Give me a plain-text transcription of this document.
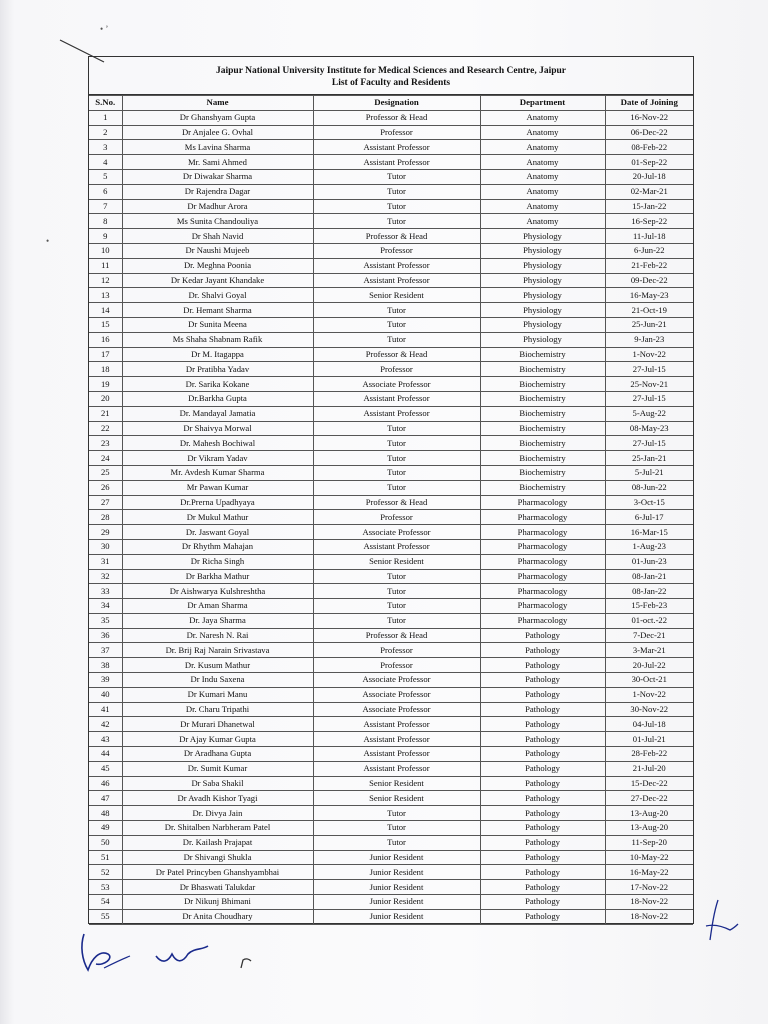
• ’
Jaipur National University Institute for Medical Sciences and Research Centre, Jaipur
List of Faculty and Residents
S.No.	Name	Designation	Department	Date of Joining
1	Dr Ghanshyam Gupta	Professor & Head	Anatomy	16-Nov-22
2	Dr Anjalee G. Ovhal	Professor	Anatomy	06-Dec-22
3	Ms Lavina Sharma	Assistant Professor	Anatomy	08-Feb-22
4	Mr. Sami Ahmed	Assistant Professor	Anatomy	01-Sep-22
5	Dr Diwakar Sharma	Tutor	Anatomy	20-Jul-18
6	Dr Rajendra Dagar	Tutor	Anatomy	02-Mar-21
7	Dr Madhur Arora	Tutor	Anatomy	15-Jan-22
8	Ms Sunita Chandouliya	Tutor	Anatomy	16-Sep-22
9	Dr Shah Navid	Professor & Head	Physiology	11-Jul-18
10	Dr Naushi Mujeeb	Professor	Physiology	6-Jun-22
11	Dr. Meghna Poonia	Assistant Professor	Physiology	21-Feb-22
12	Dr Kedar Jayant Khandake	Assistant Professor	Physiology	09-Dec-22
13	Dr. Shalvi Goyal	Senior Resident	Physiology	16-May-23
14	Dr. Hemant Sharma	Tutor	Physiology	21-Oct-19
15	Dr Sunita Meena	Tutor	Physiology	25-Jun-21
16	Ms Shaha Shabnam Rafik	Tutor	Physiology	9-Jan-23
17	Dr M. Itagappa	Professor & Head	Biochemistry	1-Nov-22
18	Dr Pratibha Yadav	Professor	Biochemistry	27-Jul-15
19	Dr. Sarika Kokane	Associate Professor	Biochemistry	25-Nov-21
20	Dr.Barkha Gupta	Assistant Professor	Biochemistry	27-Jul-15
21	Dr. Mandayal Jamatia	Assistant Professor	Biochemistry	5-Aug-22
22	Dr Shaivya Morwal	Tutor	Biochemistry	08-May-23
23	Dr. Mahesh Bochiwal	Tutor	Biochemistry	27-Jul-15
24	Dr Vikram Yadav	Tutor	Biochemistry	25-Jan-21
25	Mr. Avdesh Kumar Sharma	Tutor	Biochemistry	5-Jul-21
26	Mr Pawan Kumar	Tutor	Biochemistry	08-Jun-22
27	Dr.Prerna Upadhyaya	Professor & Head	Pharmacology	3-Oct-15
28	Dr Mukul Mathur	Professor	Pharmacology	6-Jul-17
29	Dr. Jaswant Goyal	Associate Professor	Pharmacology	16-Mar-15
30	Dr Rhythm Mahajan	Assistant Professor	Pharmacology	1-Aug-23
31	Dr Richa Singh	Senior Resident	Pharmacology	01-Jun-23
32	Dr Barkha Mathur	Tutor	Pharmacology	08-Jan-21
33	Dr Aishwarya Kulshreshtha	Tutor	Pharmacology	08-Jan-22
34	Dr Aman Sharma	Tutor	Pharmacology	15-Feb-23
35	Dr. Jaya Sharma	Tutor	Pharmacology	01-oct.-22
36	Dr. Naresh N. Rai	Professor & Head	Pathology	7-Dec-21
37	Dr. Brij Raj Narain Srivastava	Professor	Pathology	3-Mar-21
38	Dr. Kusum Mathur	Professor	Pathology	20-Jul-22
39	Dr Indu Saxena	Associate Professor	Pathology	30-Oct-21
40	Dr Kumari Manu	Associate Professor	Pathology	1-Nov-22
41	Dr. Charu Tripathi	Associate Professor	Pathology	30-Nov-22
42	Dr Murari Dhanetwal	Assistant Professor	Pathology	04-Jul-18
43	Dr Ajay Kumar Gupta	Assistant Professor	Pathology	01-Jul-21
44	Dr Aradhana Gupta	Assistant Professor	Pathology	28-Feb-22
45	Dr. Sumit Kumar	Assistant Professor	Pathology	21-Jul-20
46	Dr Saba Shakil	Senior Resident	Pathology	15-Dec-22
47	Dr Avadh Kishor Tyagi	Senior Resident	Pathology	27-Dec-22
48	Dr. Divya Jain	Tutor	Pathology	13-Aug-20
49	Dr. Shitalben Narbheram Patel	Tutor	Pathology	13-Aug-20
50	Dr. Kailash Prajapat	Tutor	Pathology	11-Sep-20
51	Dr Shivangi Shukla	Junior Resident	Pathology	10-May-22
52	Dr Patel Princyben Ghanshyambhai	Junior Resident	Pathology	16-May-22
53	Dr Bhaswati Talukdar	Junior Resident	Pathology	17-Nov-22
54	Dr Nikunj Bhimani	Junior Resident	Pathology	18-Nov-22
55	Dr Anita Choudhary	Junior Resident	Pathology	18-Nov-22
•
